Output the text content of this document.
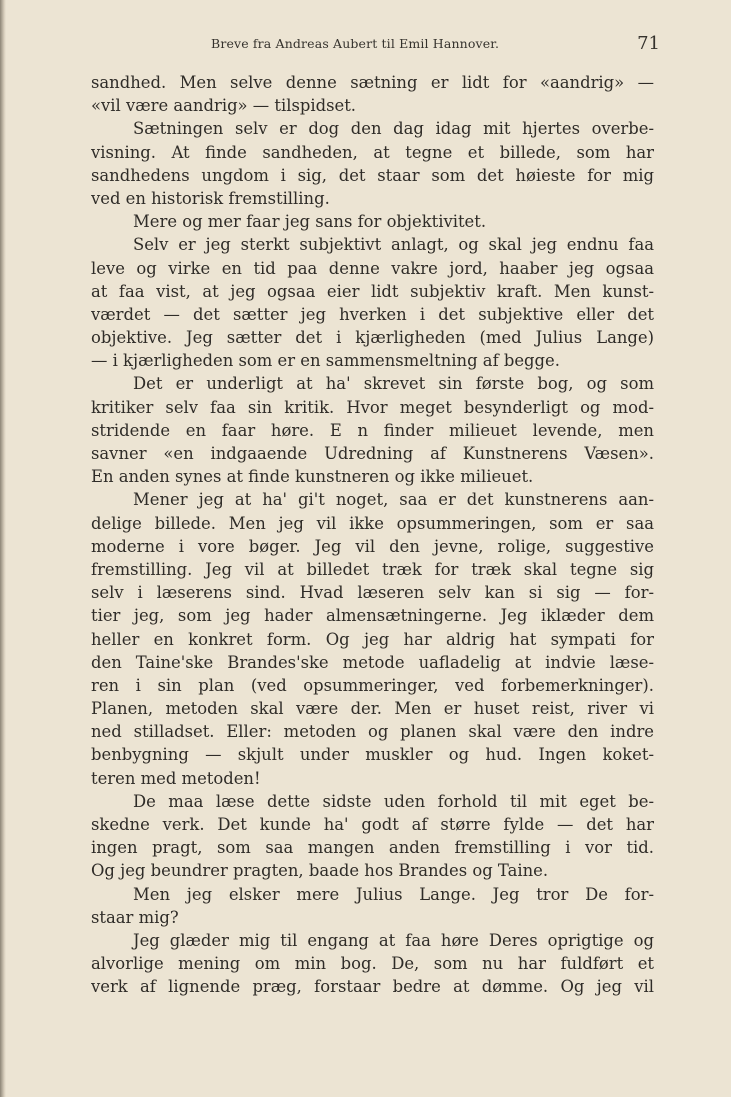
Breve fra Andreas Aubert til Emil Hannover.	71
sandhed. Men selve denne sætning er lidt for «aandrig» —
«vil være aandrig» — tilspidset.
Sætningen selv er dog den dag idag mit hjertes overbe-
visning. At finde sandheden, at tegne et billede, som har
sandhedens ungdom i sig, det staar som det høieste for mig
ved en historisk fremstilling.
Mere og mer faar jeg sans for objektivitet.
Selv er jeg sterkt subjektivt anlagt, og skal jeg endnu faa
leve og virke en tid paa denne vakre jord, haaber jeg ogsaa
at faa vist, at jeg ogsaa eier lidt subjektiv kraft. Men kunst-
værdet — det sætter jeg hverken i det subjektive eller det
objektive. Jeg sætter det i kjærligheden (med Julius Lange)
— i kjærligheden som er en sammensmeltning af begge.
Det er underligt at ha' skrevet sin første bog, og som
kritiker selv faa sin kritik. Hvor meget besynderligt og mod-
stridende en faar høre. E n finder milieuet levende, men
savner «en indgaaende Udredning af Kunstnerens Væsen».
En anden synes at finde kunstneren og ikke milieuet.
Mener jeg at ha' gi't noget, saa er det kunstnerens aan-
delige billede. Men jeg vil ikke opsummeringen, som er saa
moderne i vore bøger. Jeg vil den jevne, rolige, suggestive
fremstilling. Jeg vil at billedet træk for træk skal tegne sig
selv i læserens sind. Hvad læseren selv kan si sig — for-
tier jeg, som jeg hader almensætningerne. Jeg iklæder dem
heller en konkret form. Og jeg har aldrig hat sympati for
den Taine'ske Brandes'ske metode uafladelig at indvie læse-
ren i sin plan (ved opsummeringer, ved forbemerkninger).
Planen, metoden skal være der. Men er huset reist, river vi
ned stilladset. Eller: metoden og planen skal være den indre
benbygning — skjult under muskler og hud. Ingen koket-
teren med metoden!
De maa læse dette sidste uden forhold til mit eget be-
skedne verk. Det kunde ha' godt af større fylde — det har
ingen pragt, som saa mangen anden fremstilling i vor tid.
Og jeg beundrer pragten, baade hos Brandes og Taine.
Men jeg elsker mere Julius Lange. Jeg tror De for-
staar mig?
Jeg glæder mig til engang at faa høre Deres oprigtige og
alvorlige mening om min bog. De, som nu har fuldført et
verk af lignende præg, forstaar bedre at dømme. Og jeg vil
